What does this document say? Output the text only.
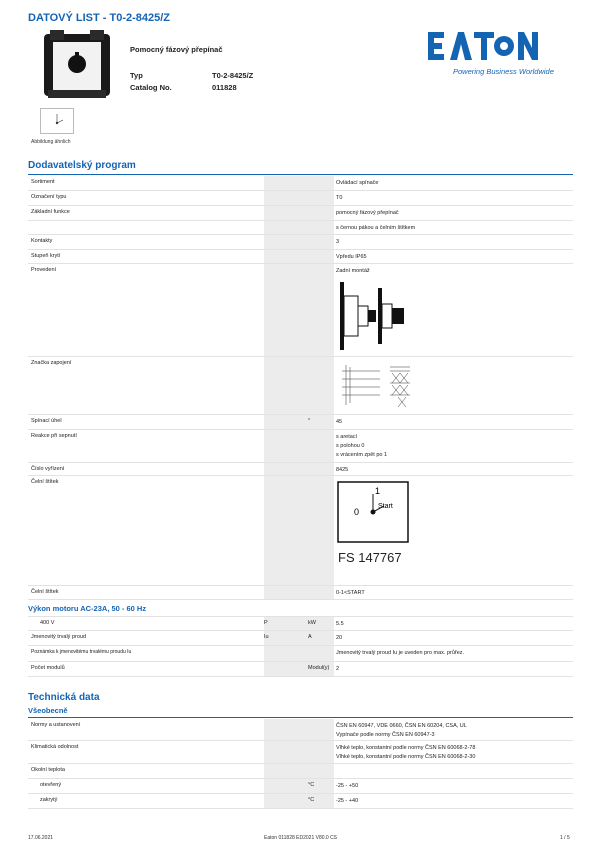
DATOVÝ LIST - T0-2-8425/Z
Abbildung ähnlich
Pomocný fázový přepínač
Typ
Catalog No.
T0-2-8425/Z
011828
Powering Business Worldwide
Dodavatelský program
Sortiment	Ovládací spínače
Označení typu	T0
Základní funkce	pomocný fázový přepínač
s černou pákou a čelním štítkem
Kontakty	3
Stupeň krytí	Vpředu IP65
Provedení	Zadní montáž
Značka zapojení
Spínací úhel	°	45
Reakce při sepnutí	s aretací
s polohou 0
s vrácením zpět po 1
Číslo vyřízení	8425
Čelní štítek
0
1
Start
FS 147767
Čelní štítek	0-1<START
Výkon motoru AC-23A, 50 - 60 Hz
400 V	P	kW	5.5
Jmenovitý trvalý proud	Iu	A	20
Poznámka k jmenovitému trvalému proudu Iu	Jmenovitý trvalý proud Iu je uveden pro max. průřez.
Počet modulů	Modul(y) 2
Technická data
Všeobecně
Normy a ustanovení	ČSN EN 60947, VDE 0660, ČSN EN 60204, CSA, UL
Vypínače podle normy ČSN EN 60947-3
Klimatická odolnost	Vlhké teplo, konstantní podle normy ČSN EN 60068-2-78
Vlhké teplo, konstantní podle normy ČSN EN 60068-2-30
Okolní teplota
otevřený	°C	-25 - +50
zakrytý	°C	-25 - +40
17.06.2021	Eaton 011828 ED2021 V80.0 CS	1 / 5
